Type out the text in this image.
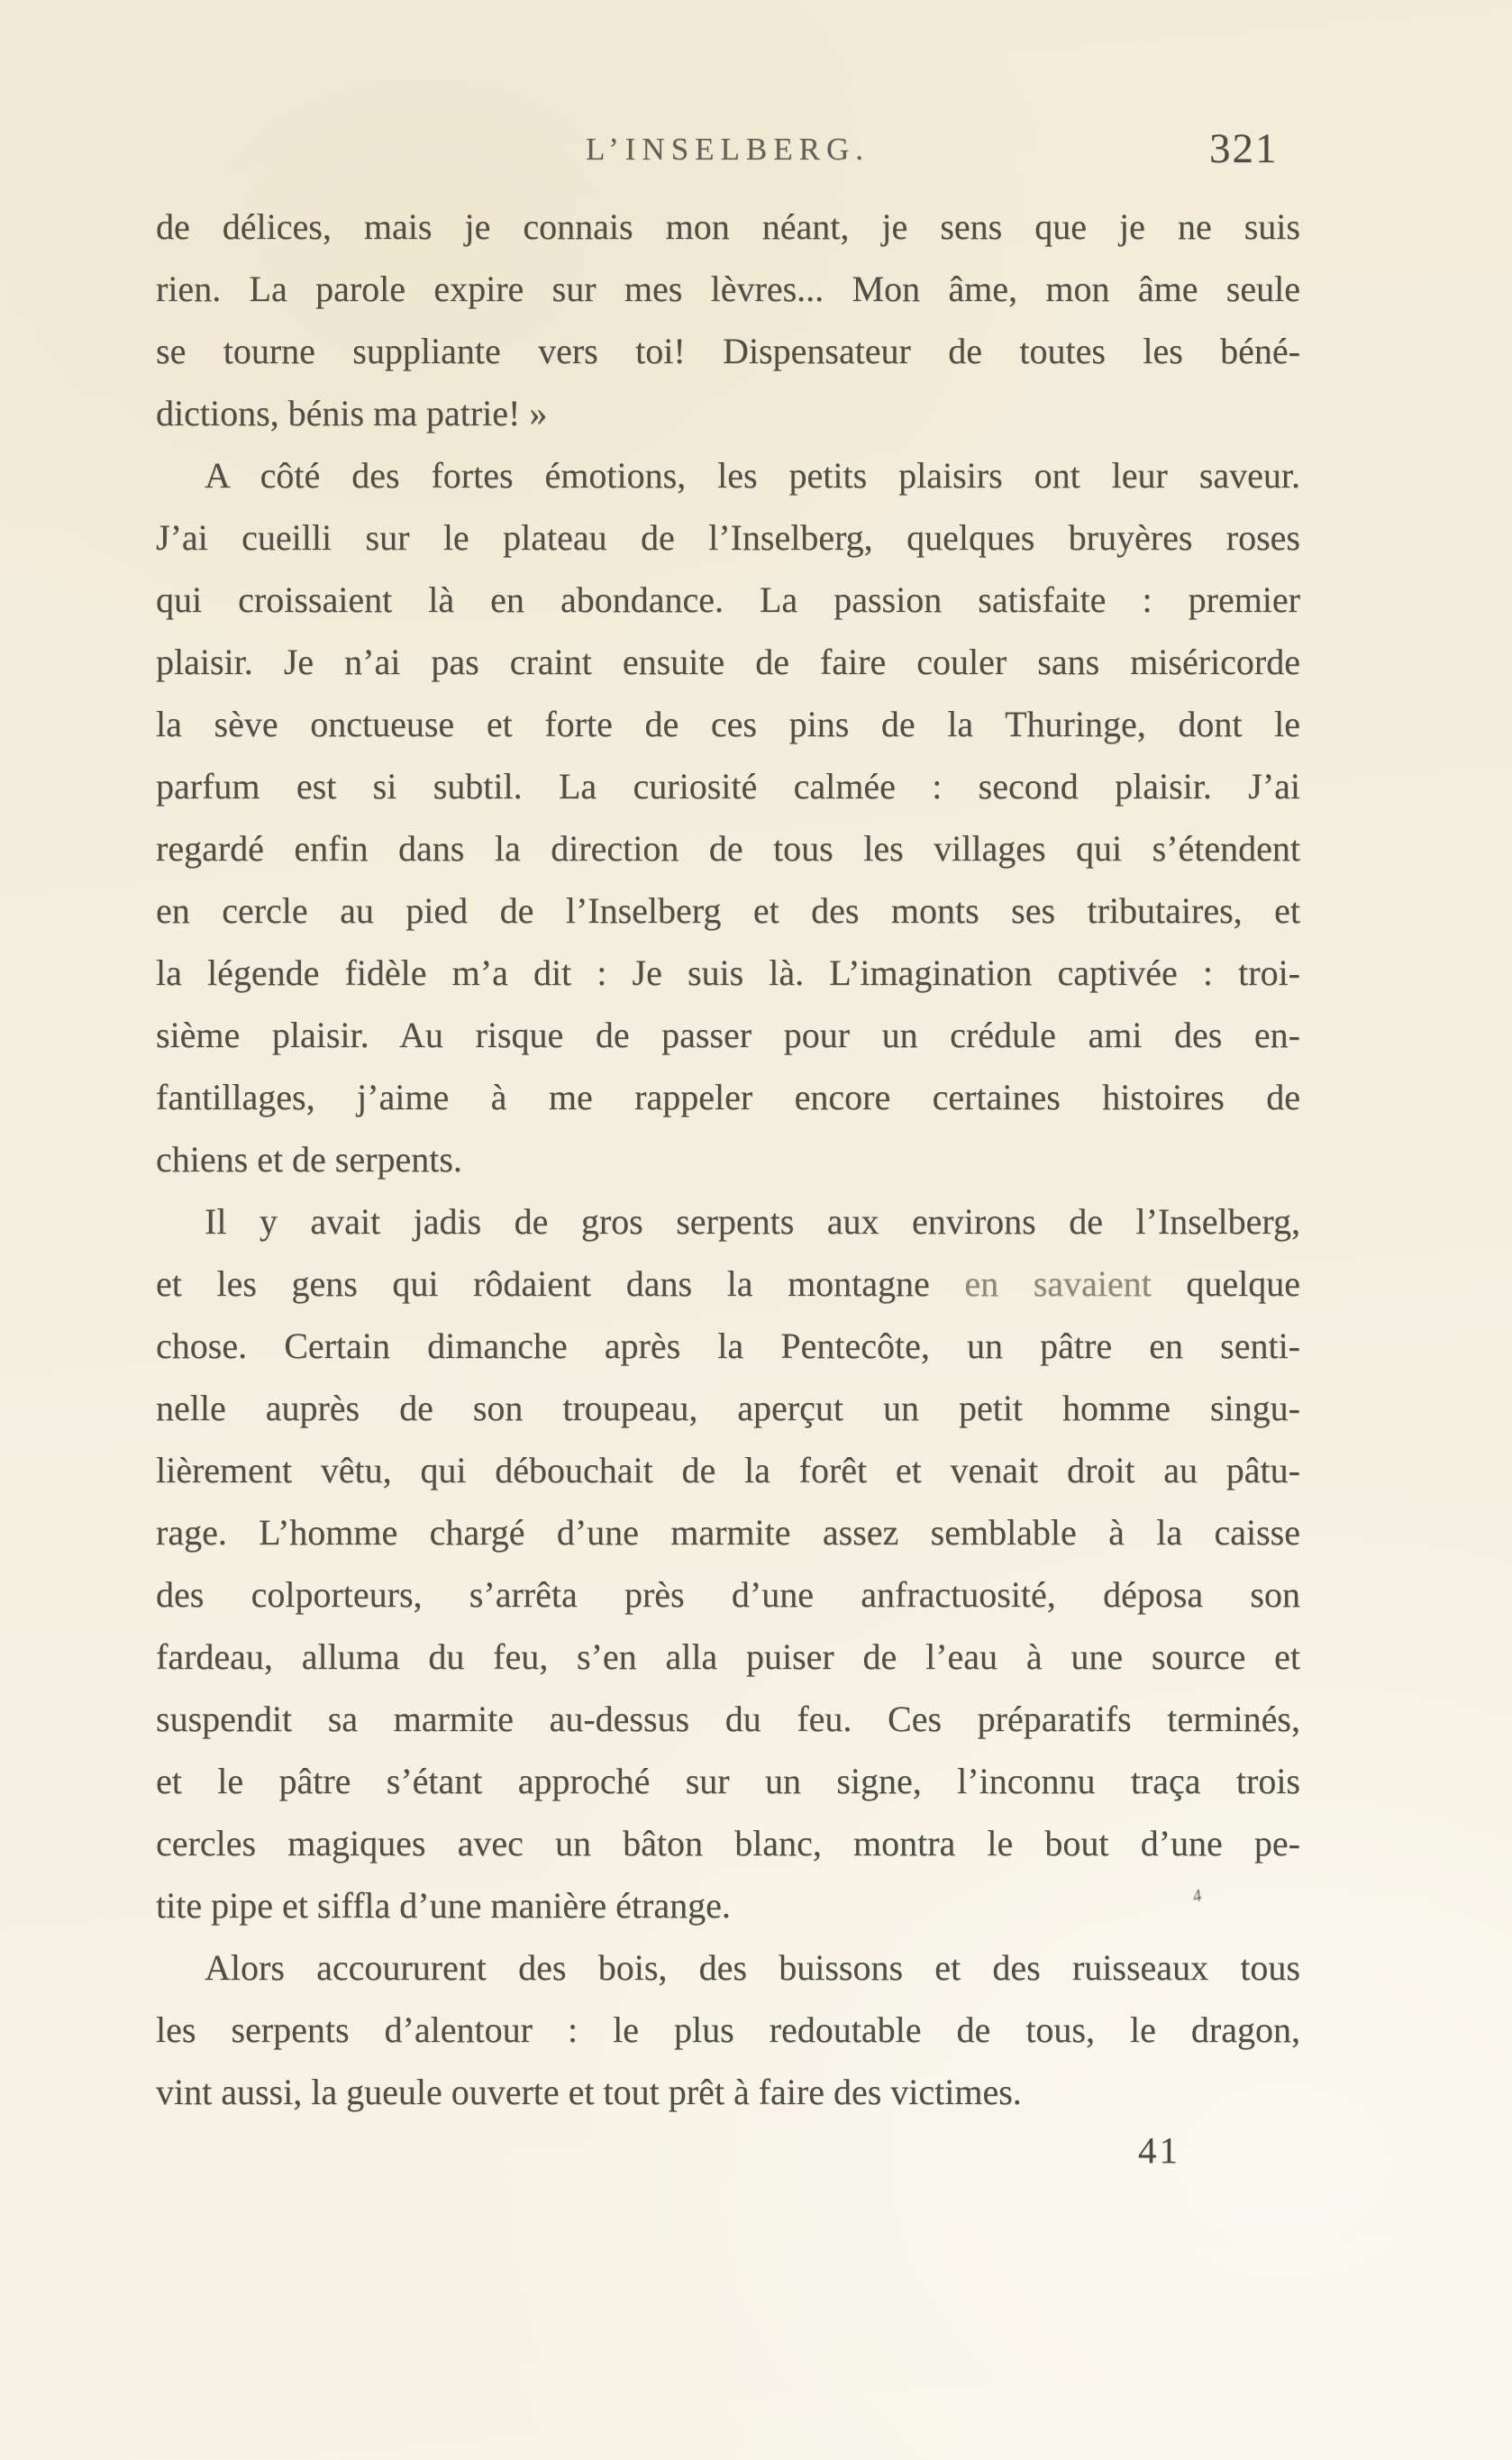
L’INSELBERG.	321
de délices, mais je connais mon néant, je sens que je ne suis
rien. La parole expire sur mes lèvres... Mon âme, mon âme seule
se tourne suppliante vers toi! Dispensateur de toutes les béné-
dictions, bénis ma patrie! »
A côté des fortes émotions, les petits plaisirs ont leur saveur.
J’ai cueilli sur le plateau de l’Inselberg, quelques bruyères roses
qui croissaient là en abondance. La passion satisfaite : premier
plaisir. Je n’ai pas craint ensuite de faire couler sans miséricorde
la sève onctueuse et forte de ces pins de la Thuringe, dont le
parfum est si subtil. La curiosité calmée : second plaisir. J’ai
regardé enfin dans la direction de tous les villages qui s’étendent
en cercle au pied de l’Inselberg et des monts ses tributaires, et
la légende fidèle m’a dit : Je suis là. L’imagination captivée : troi-
sième plaisir. Au risque de passer pour un crédule ami des en-
fantillages, j’aime à me rappeler encore certaines histoires de
chiens et de serpents.
Il y avait jadis de gros serpents aux environs de l’Inselberg,
et les gens qui rôdaient dans la montagne en savaient quelque
chose. Certain dimanche après la Pentecôte, un pâtre en senti-
nelle auprès de son troupeau, aperçut un petit homme singu-
lièrement vêtu, qui débouchait de la forêt et venait droit au pâtu-
rage. L’homme chargé d’une marmite assez semblable à la caisse
des colporteurs, s’arrêta près d’une anfractuosité, déposa son
fardeau, alluma du feu, s’en alla puiser de l’eau à une source et
suspendit sa marmite au-dessus du feu. Ces préparatifs terminés,
et le pâtre s’étant approché sur un signe, l’inconnu traça trois
cercles magiques avec un bâton blanc, montra le bout d’une pe-
tite pipe et siffla d’une manière étrange.
Alors accoururent des bois, des buissons et des ruisseaux tous
les serpents d’alentour : le plus redoutable de tous, le dragon,
vint aussi, la gueule ouverte et tout prêt à faire des victimes.
4
41
